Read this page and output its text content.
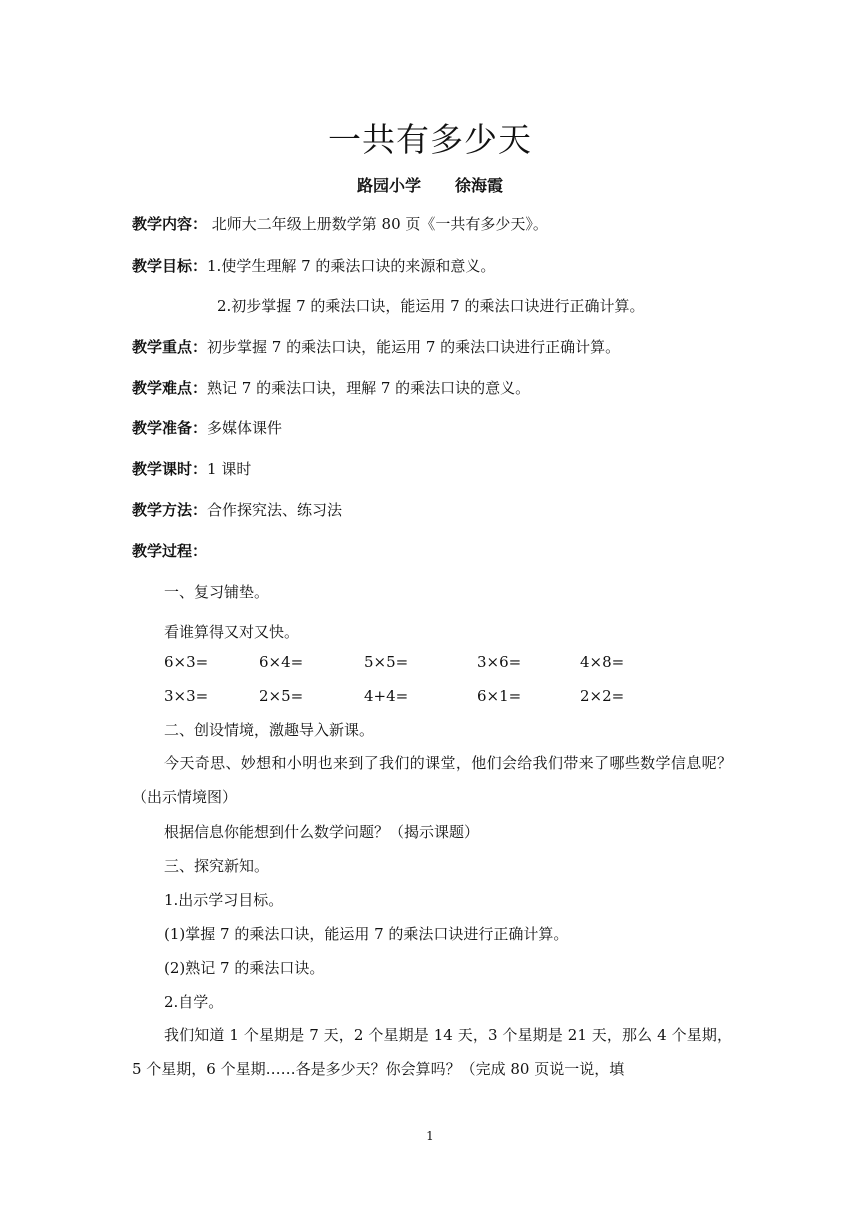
一共有多少天
路园小学 徐海霞
教学内容： 北师大二年级上册数学第 80 页《一共有多少天》。
教学目标：1.使学生理解 7 的乘法口诀的来源和意义。
2.初步掌握 7 的乘法口诀，能运用 7 的乘法口诀进行正确计算。
教学重点：初步掌握 7 的乘法口诀，能运用 7 的乘法口诀进行正确计算。
教学难点：熟记 7 的乘法口诀，理解 7 的乘法口诀的意义。
教学准备：多媒体课件
教学课时：1 课时
教学方法：合作探究法、练习法
教学过程：
一、复习铺垫。
看谁算得又对又快。
6×3=	6×4=	5×5=	3×6=	4×8=
3×3=	2×5=	4+4=	6×1=	2×2=
二、创设情境，激趣导入新课。
今天奇思、妙想和小明也来到了我们的课堂，他们会给我们带来了哪些数学信息呢？（出示情境图）
根据信息你能想到什么数学问题？（揭示课题）
三、探究新知。
1.出示学习目标。
(1)掌握 7 的乘法口诀，能运用 7 的乘法口诀进行正确计算。
(2)熟记 7 的乘法口诀。
2.自学。
我们知道 1 个星期是 7 天，2 个星期是 14 天，3 个星期是 21 天，那么 4 个星期，5 个星期，6 个星期……各是多少天？你会算吗？（完成 80 页说一说，填
1
